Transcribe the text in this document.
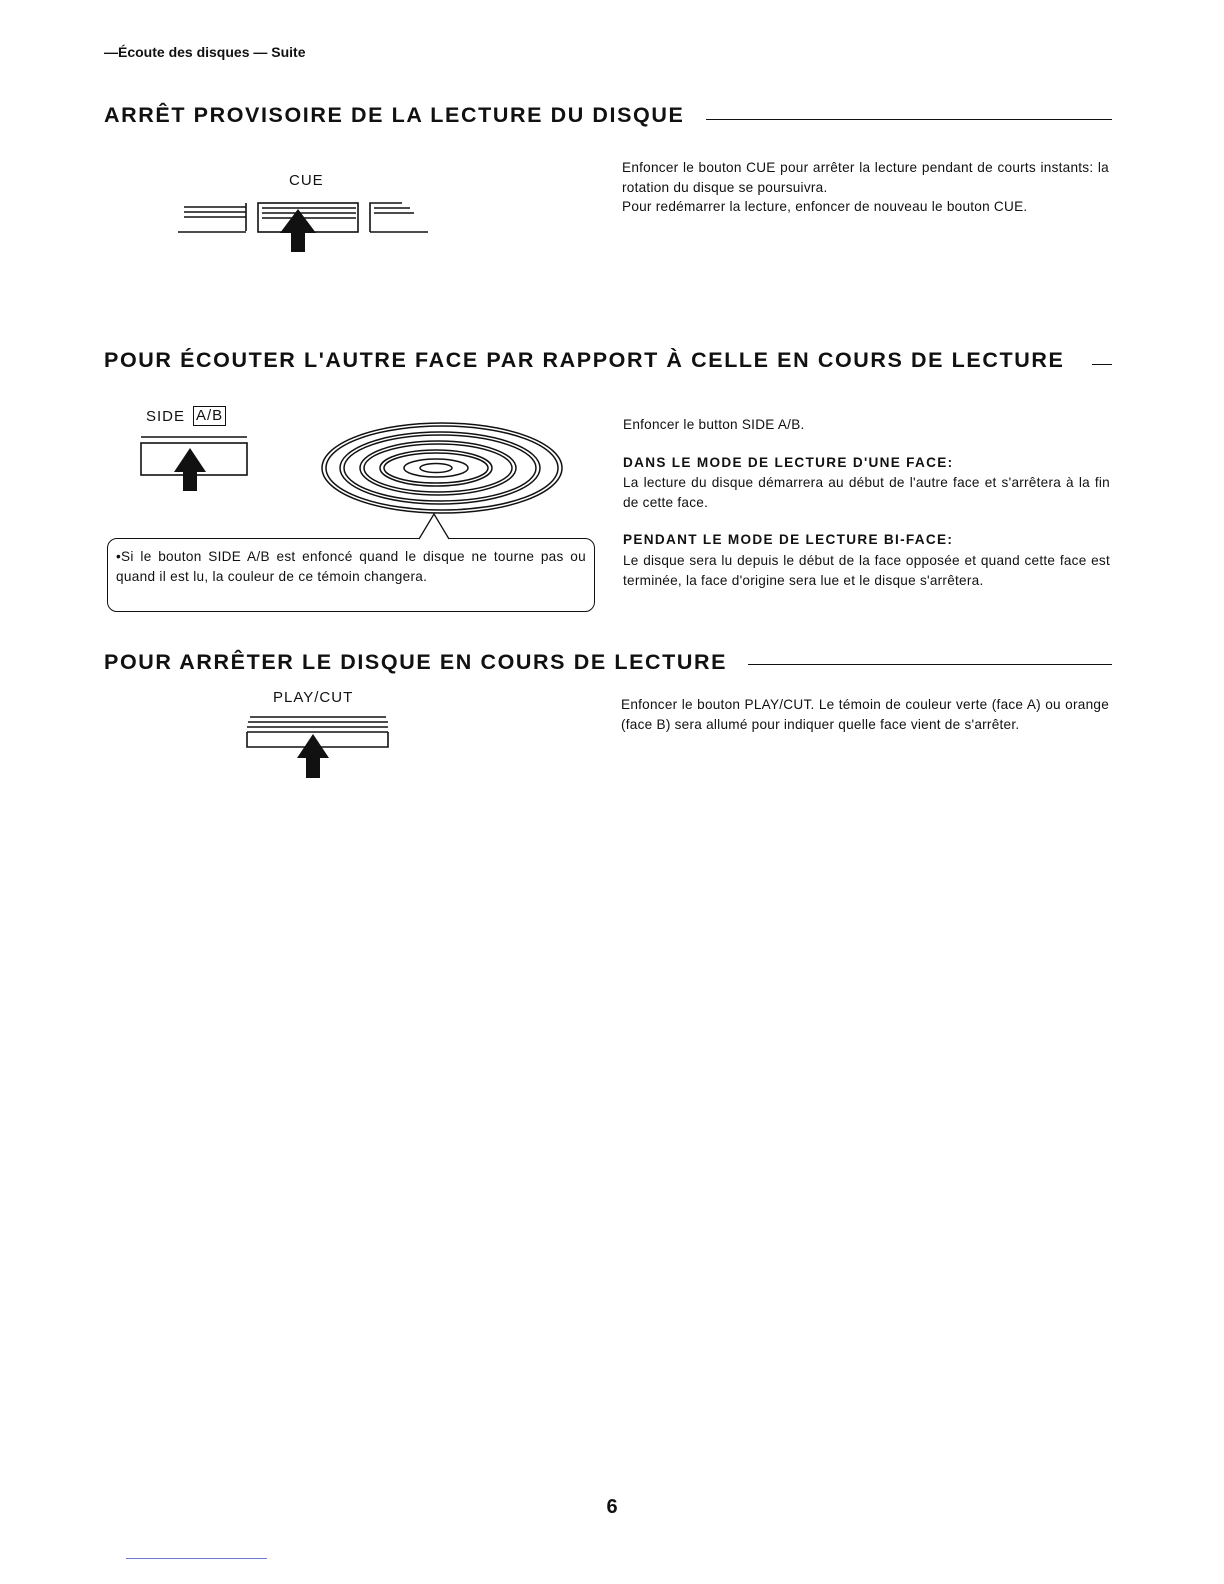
—Écoute des disques — Suite
ARRÊT PROVISOIRE DE LA LECTURE DU DISQUE
CUE
Enfoncer le bouton CUE pour arrêter la lecture pendant de courts instants: la rotation du disque se poursuivra.
Pour redémarrer la lecture, enfoncer de nouveau le bouton CUE.
POUR ÉCOUTER L'AUTRE FACE PAR RAPPORT À CELLE EN COURS DE LECTURE
SIDE A/B
•Si le bouton SIDE A/B est enfoncé quand le disque ne tourne pas ou quand il est lu, la couleur de ce témoin changera.
Enfoncer le button SIDE A/B.
DANS LE MODE DE LECTURE D'UNE FACE:
La lecture du disque démarrera au début de l'autre face et s'arrêtera à la fin de cette face.
PENDANT LE MODE DE LECTURE BI-FACE:
Le disque sera lu depuis le début de la face opposée et quand cette face est terminée, la face d'origine sera lue et le disque s'arrêtera.
POUR ARRÊTER LE DISQUE EN COURS DE LECTURE
PLAY/CUT	Enfoncer le bouton PLAY/CUT. Le témoin de couleur verte (face A) ou orange (face B) sera allumé pour indiquer quelle face vient de s'arrêter.
6
